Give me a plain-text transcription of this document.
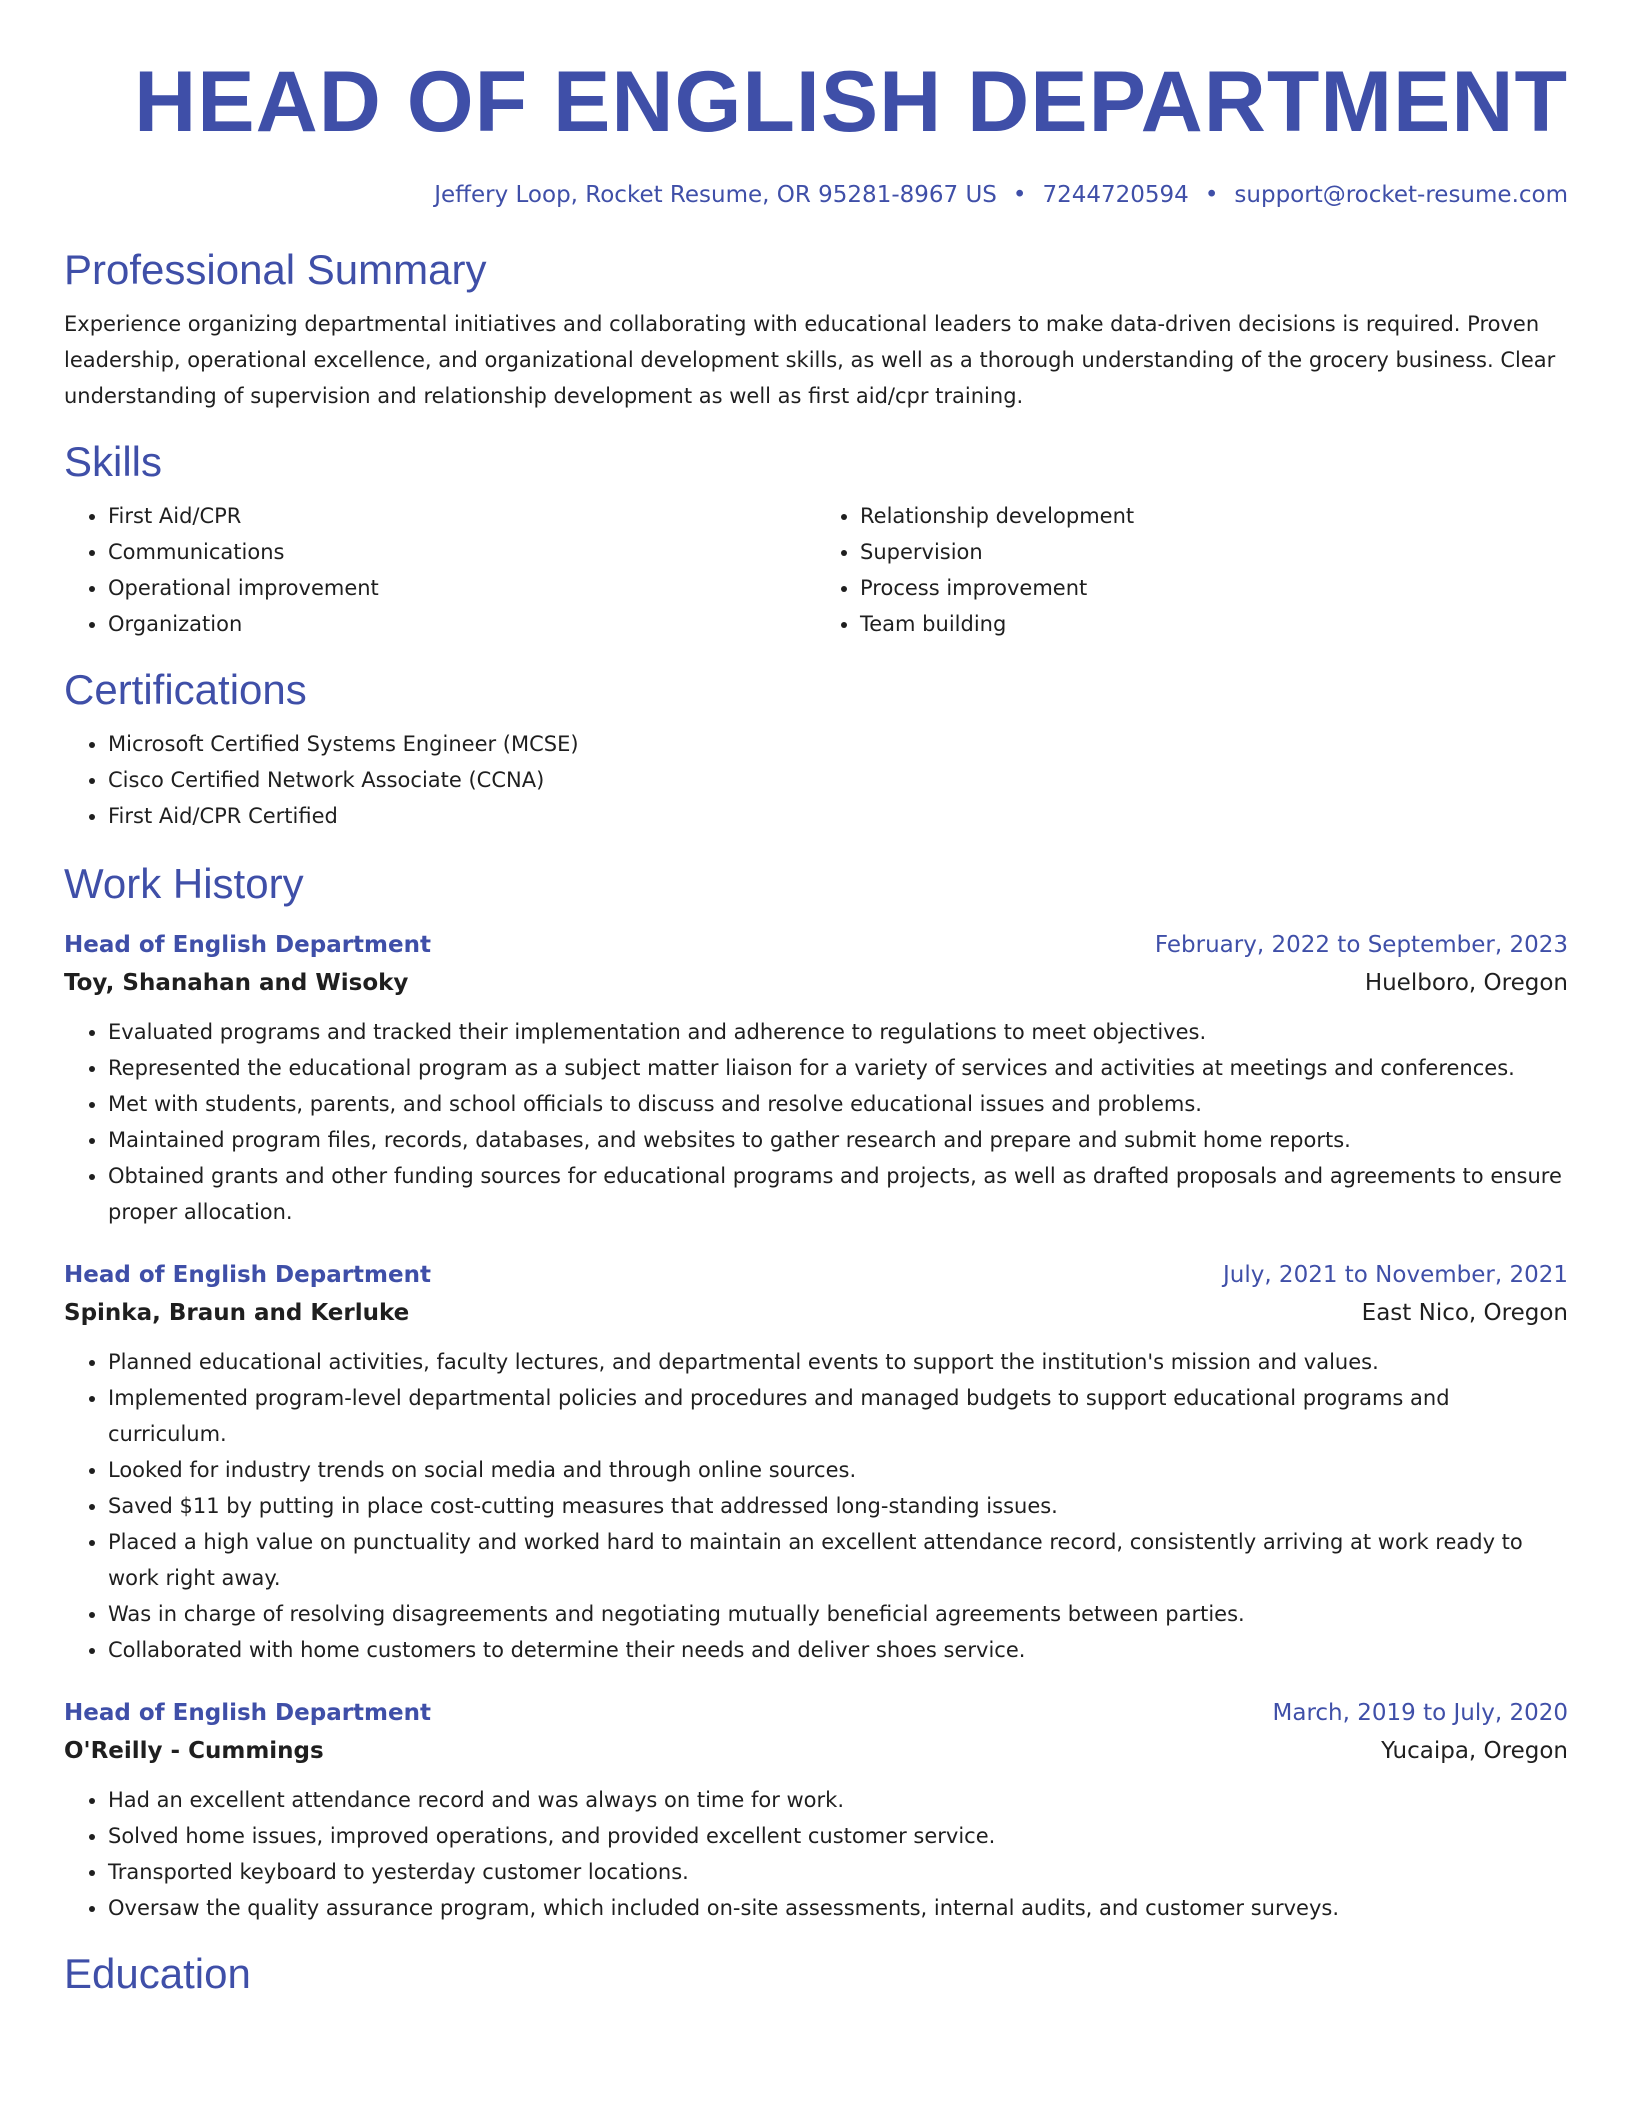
HEAD OF ENGLISH DEPARTMENT
Jeffery Loop, Rocket Resume, OR 95281-8967 US • 7244720594 • support@rocket-resume.com
Professional Summary

Experience organizing departmental initiatives and collaborating with educational leaders to make data-driven decisions is required. Proven leadership, operational excellence, and organizational development skills, as well as a thorough understanding of the grocery business. Clear understanding of supervision and relationship development as well as first aid/cpr training.

Skills
• First Aid/CPR
• Communications
• Operational improvement
• Organization
• Relationship development
• Supervision
• Process improvement
• Team building
Certifications
• Microsoft Certified Systems Engineer (MCSE)
• Cisco Certified Network Associate (CCNA)
• First Aid/CPR Certified
Work History
Head of English Department	February, 2022 to September, 2023
Toy, Shanahan and Wisoky	Huelboro, Oregon
• Evaluated programs and tracked their implementation and adherence to regulations to meet objectives.
• Represented the educational program as a subject matter liaison for a variety of services and activities at meetings and conferences.
• Met with students, parents, and school officials to discuss and resolve educational issues and problems.
• Maintained program files, records, databases, and websites to gather research and prepare and submit home reports.
• Obtained grants and other funding sources for educational programs and projects, as well as drafted proposals and agreements to ensure proper allocation.
Head of English Department	July, 2021 to November, 2021
Spinka, Braun and Kerluke	East Nico, Oregon
• Planned educational activities, faculty lectures, and departmental events to support the institution's mission and values.
• Implemented program-level departmental policies and procedures and managed budgets to support educational programs and curriculum.
• Looked for industry trends on social media and through online sources.
• Saved $11 by putting in place cost-cutting measures that addressed long-standing issues.
• Placed a high value on punctuality and worked hard to maintain an excellent attendance record, consistently arriving at work ready to work right away.
• Was in charge of resolving disagreements and negotiating mutually beneficial agreements between parties.
• Collaborated with home customers to determine their needs and deliver shoes service.
Head of English Department	March, 2019 to July, 2020
O'Reilly - Cummings	Yucaipa, Oregon
• Had an excellent attendance record and was always on time for work.
• Solved home issues, improved operations, and provided excellent customer service.
• Transported keyboard to yesterday customer locations.
• Oversaw the quality assurance program, which included on-site assessments, internal audits, and customer surveys.
Education
